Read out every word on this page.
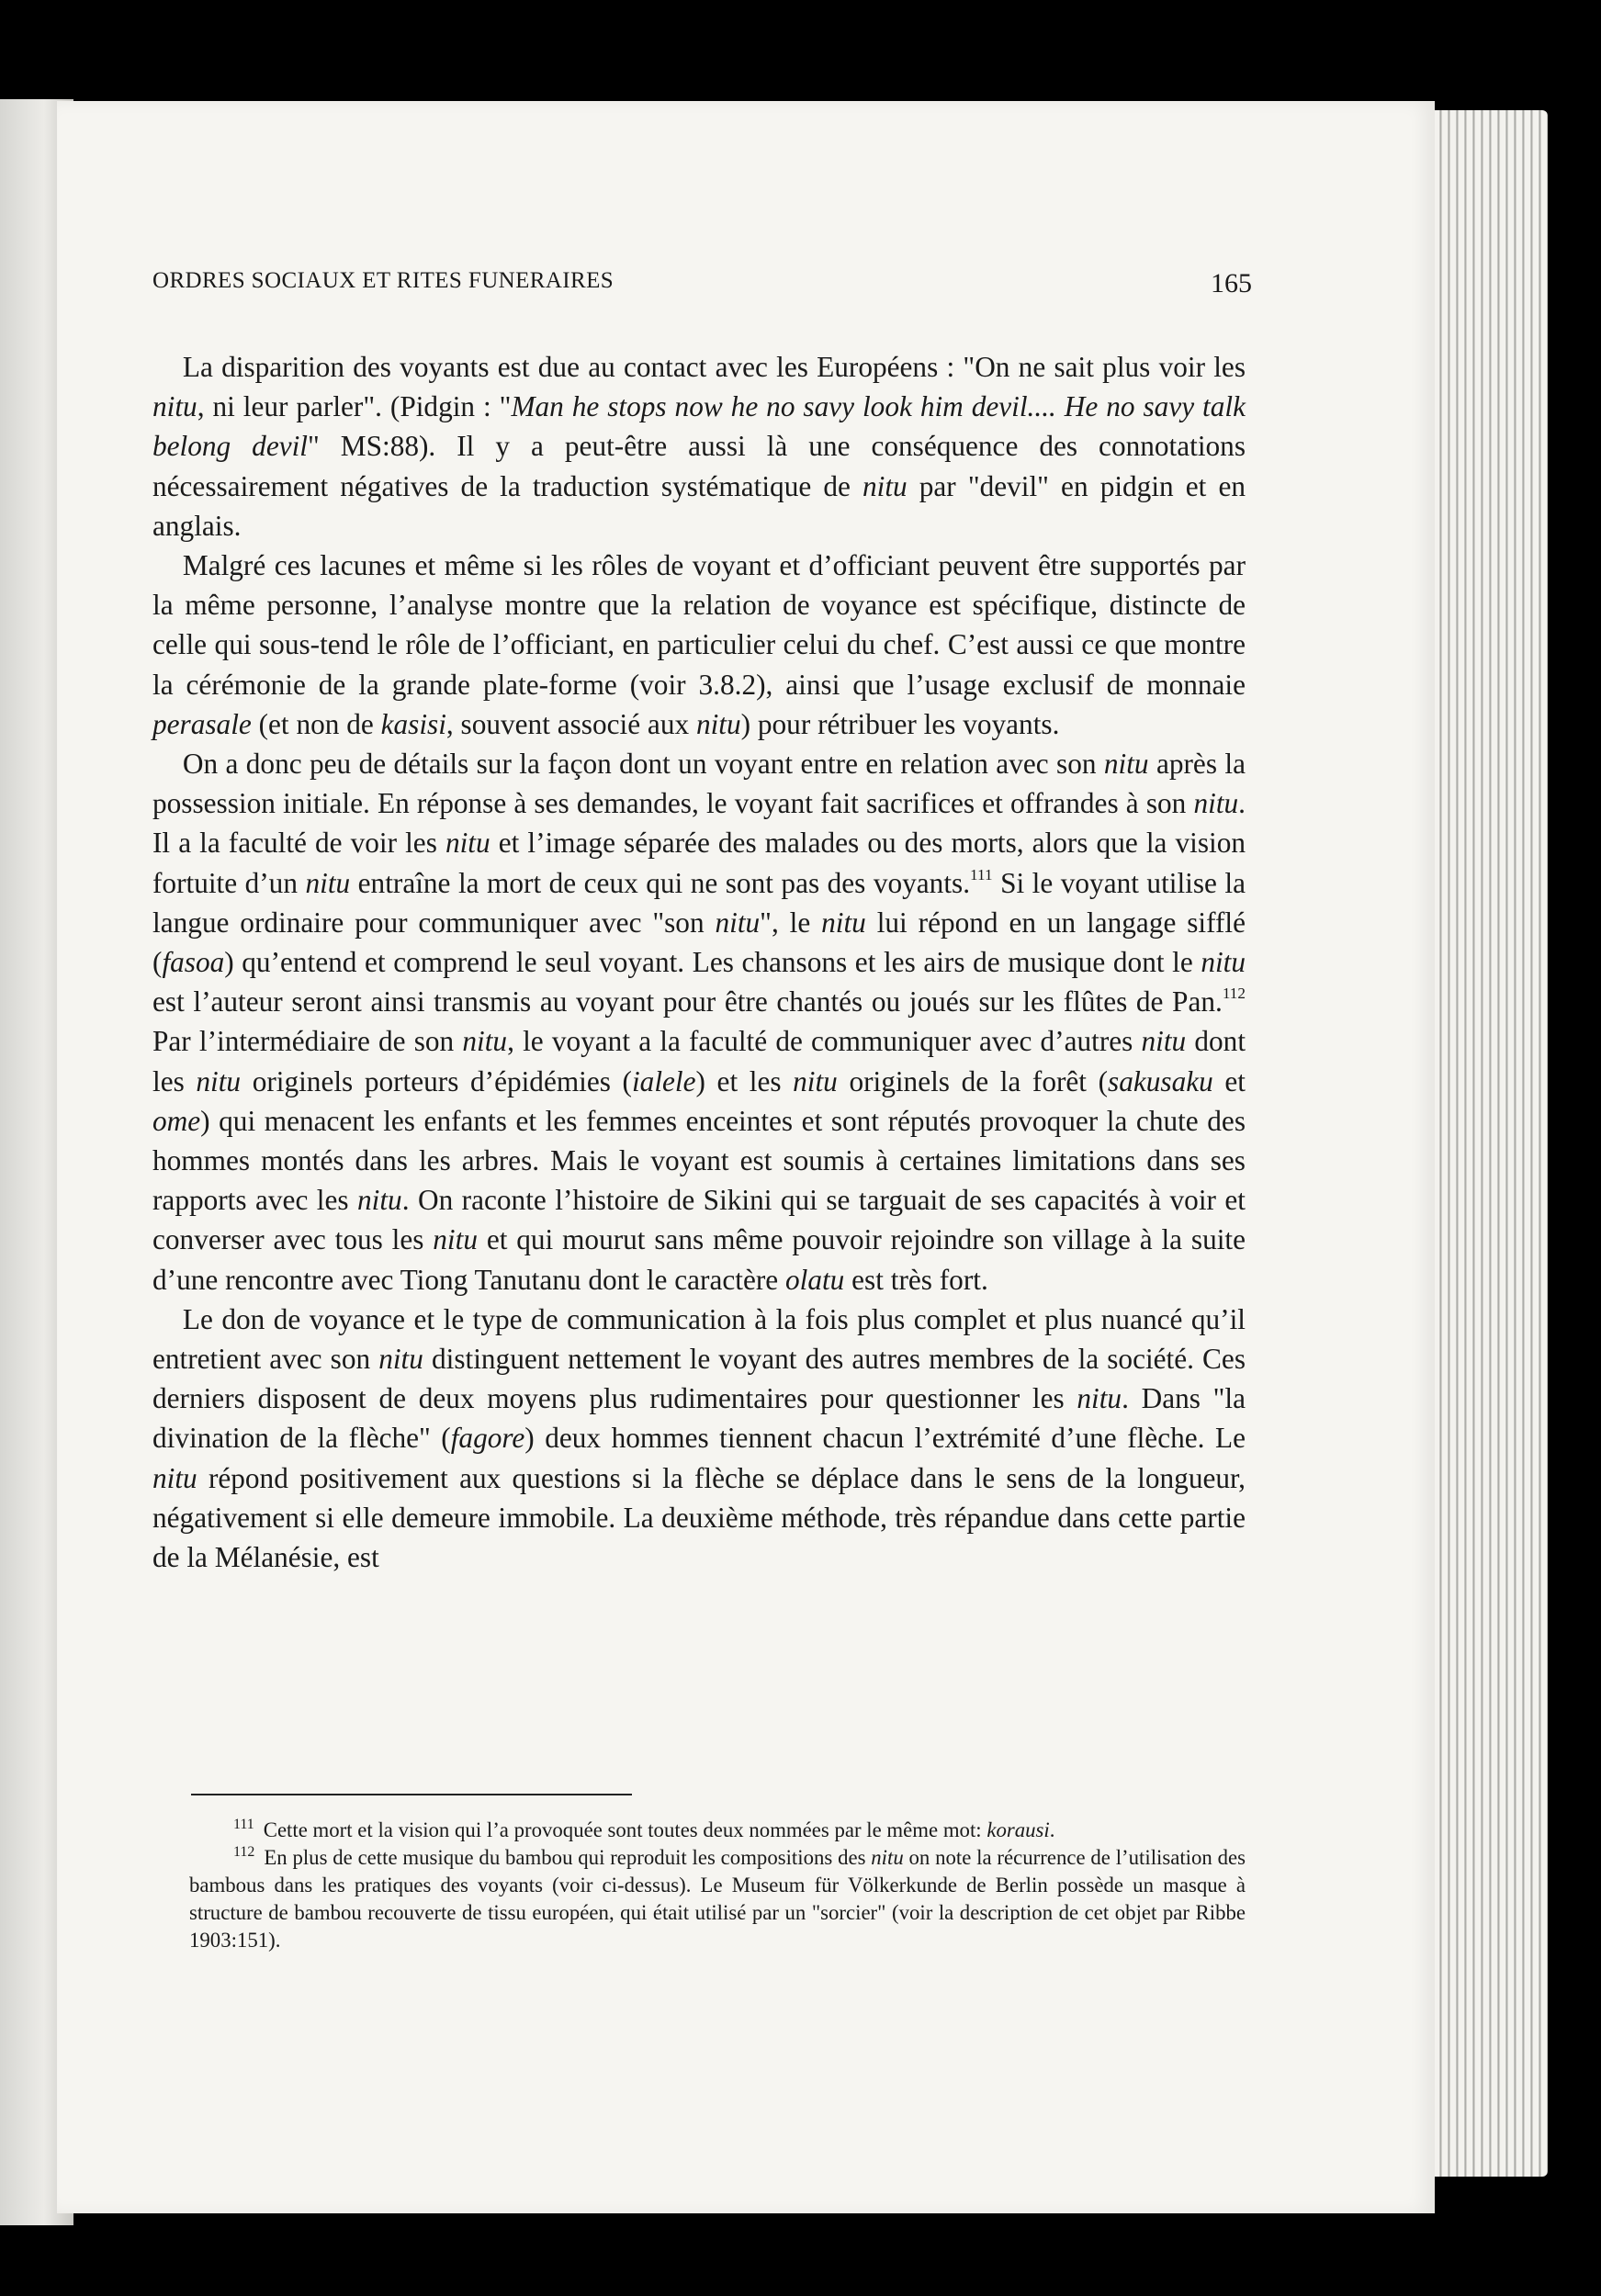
ORDRES SOCIAUX ET RITES FUNERAIRES	165

La disparition des voyants est due au contact avec les Européens : "On ne sait plus voir les nitu, ni leur parler". (Pidgin : "Man he stops now he no savy look him devil.... He no savy talk belong devil" MS:88). Il y a peut-être aussi là une conséquence des connotations nécessairement négatives de la traduction systématique de nitu par "devil" en pidgin et en anglais.

Malgré ces lacunes et même si les rôles de voyant et d’officiant peuvent être supportés par la même personne, l’analyse montre que la relation de voyance est spécifique, distincte de celle qui sous-tend le rôle de l’officiant, en particulier celui du chef. C’est aussi ce que montre la cérémonie de la grande plate-forme (voir 3.8.2), ainsi que l’usage exclusif de monnaie perasale (et non de kasisi, souvent associé aux nitu) pour rétribuer les voyants.

On a donc peu de détails sur la façon dont un voyant entre en relation avec son nitu après la possession initiale. En réponse à ses demandes, le voyant fait sacrifices et offrandes à son nitu. Il a la faculté de voir les nitu et l’image séparée des malades ou des morts, alors que la vision fortuite d’un nitu entraîne la mort de ceux qui ne sont pas des voyants.$^{111}$ Si le voyant utilise la langue ordinaire pour communiquer avec "son nitu", le nitu lui répond en un langage sifflé (fasoa) qu’entend et comprend le seul voyant. Les chansons et les airs de musique dont le nitu est l’auteur seront ainsi transmis au voyant pour être chantés ou joués sur les flûtes de Pan.$^{112}$ Par l’intermédiaire de son nitu, le voyant a la faculté de communiquer avec d’autres nitu dont les nitu originels porteurs d’épidémies (ialele) et les nitu originels de la forêt (sakusaku et ome) qui menacent les enfants et les femmes enceintes et sont réputés provoquer la chute des hommes montés dans les arbres. Mais le voyant est soumis à certaines limitations dans ses rapports avec les nitu. On raconte l’histoire de Sikini qui se targuait de ses capacités à voir et converser avec tous les nitu et qui mourut sans même pouvoir rejoindre son village à la suite d’une rencontre avec Tiong Tanutanu dont le caractère olatu est très fort.

Le don de voyance et le type de communication à la fois plus complet et plus nuancé qu’il entretient avec son nitu distinguent nettement le voyant des autres membres de la société. Ces derniers disposent de deux moyens plus rudimentaires pour questionner les nitu. Dans "la divination de la flèche" (fagore) deux hommes tiennent chacun l’extrémité d’une flèche. Le nitu répond positivement aux questions si la flèche se déplace dans le sens de la longueur, négativement si elle demeure immobile. La deuxième méthode, très répandue dans cette partie de la Mélanésie, est

$^{111}$ Cette mort et la vision qui l’a provoquée sont toutes deux nommées par le même mot: korausi.

$^{112}$ En plus de cette musique du bambou qui reproduit les compositions des nitu on note la récurrence de l’utilisation des bambous dans les pratiques des voyants (voir ci-dessus). Le Museum für Völkerkunde de Berlin possède un masque à structure de bambou recouverte de tissu européen, qui était utilisé par un "sorcier" (voir la description de cet objet par Ribbe 1903:151).
